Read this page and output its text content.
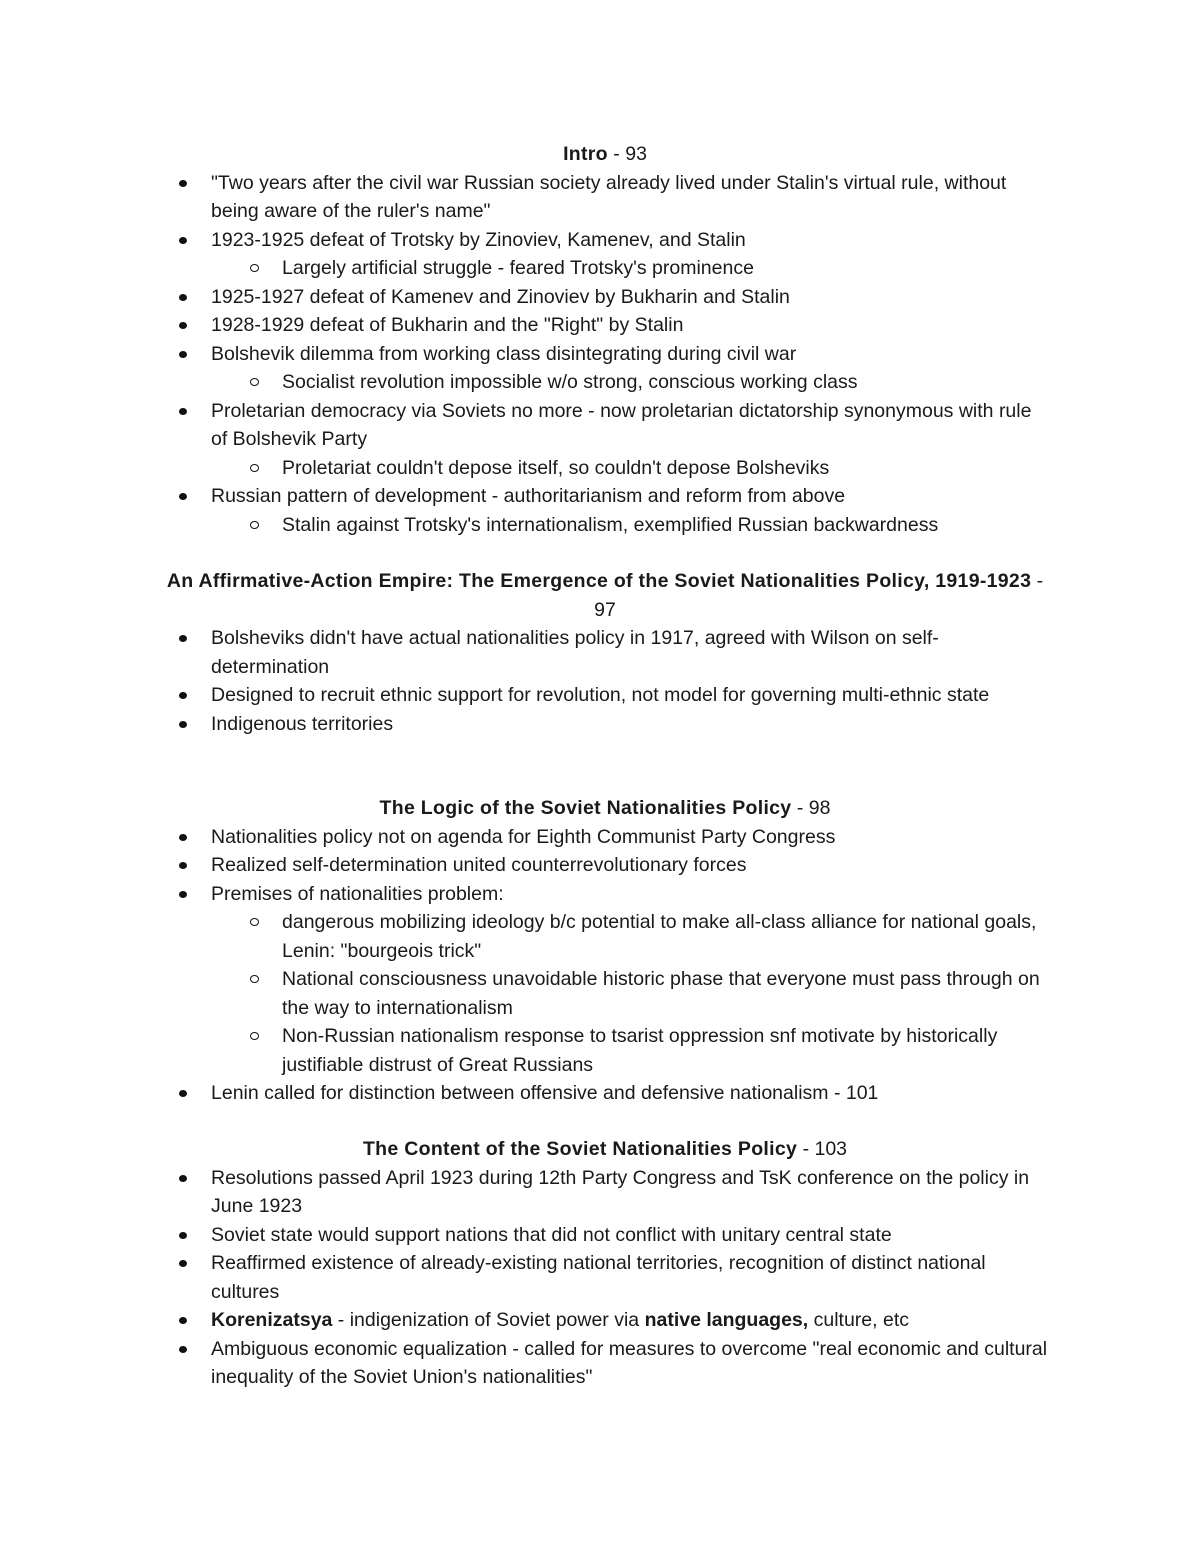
Intro - 93

"Two years after the civil war Russian society already lived under Stalin's virtual rule, without being aware of the ruler's name"
1923-1925 defeat of Trotsky by Zinoviev, Kamenev, and Stalin
Largely artificial struggle - feared Trotsky's prominence
1925-1927 defeat of Kamenev and Zinoviev by Bukharin and Stalin
1928-1929 defeat of Bukharin and the "Right" by Stalin
Bolshevik dilemma from working class disintegrating during civil war
Socialist revolution impossible w/o strong, conscious working class
Proletarian democracy via Soviets no more - now proletarian dictatorship synonymous with rule of Bolshevik Party
Proletariat couldn't depose itself, so couldn't depose Bolsheviks
Russian pattern of development - authoritarianism and reform from above
Stalin against Trotsky's internationalism, exemplified Russian backwardness

An Affirmative-Action Empire: The Emergence of the Soviet Nationalities Policy, 1919-1923 - 97

Bolsheviks didn't have actual nationalities policy in 1917, agreed with Wilson on self-determination
Designed to recruit ethnic support for revolution, not model for governing multi-ethnic state
Indigenous territories

The Logic of the Soviet Nationalities Policy - 98

Nationalities policy not on agenda for Eighth Communist Party Congress
Realized self-determination united counterrevolutionary forces
Premises of nationalities problem:
dangerous mobilizing ideology b/c potential to make all-class alliance for national goals, Lenin: "bourgeois trick"
National consciousness unavoidable historic phase that everyone must pass through on the way to internationalism
Non-Russian nationalism response to tsarist oppression snf motivate by historically justifiable distrust of Great Russians
Lenin called for distinction between offensive and defensive nationalism - 101

The Content of the Soviet Nationalities Policy - 103

Resolutions passed April 1923 during 12th Party Congress and TsK conference on the policy in June 1923
Soviet state would support nations that did not conflict with unitary central state
Reaffirmed existence of already-existing national territories, recognition of distinct national cultures
Korenizatsya - indigenization of Soviet power via native languages, culture, etc
Ambiguous economic equalization - called for measures to overcome "real economic and cultural inequality of the Soviet Union's nationalities"
